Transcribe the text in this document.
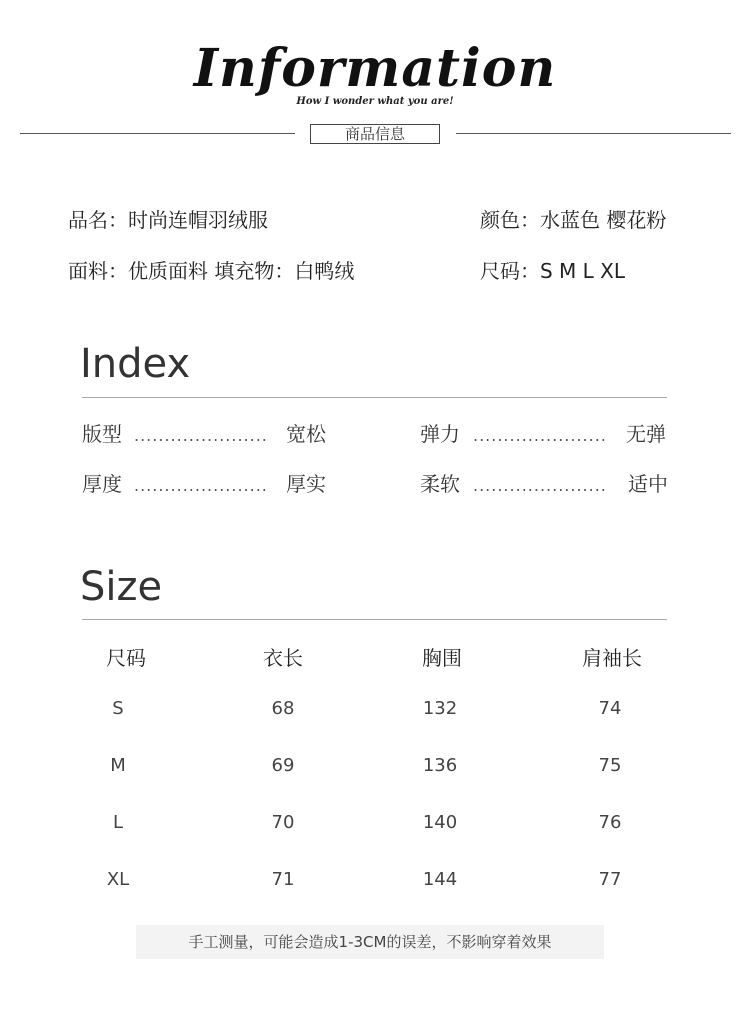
Information
How I wonder what you are!
商品信息
品名：时尚连帽羽绒服	颜色：水蓝色 樱花粉
面料：优质面料 填充物：白鸭绒	尺码：S M L XL
Index
版型 ...................... 宽松	弹力 ...................... 无弹
厚度 ...................... 厚实	柔软 ...................... 适中
Size
尺码	衣长	胸围	肩袖长
S	68	132	74
M	69	136	75
L	70	140	76
XL	71	144	77
手工测量，可能会造成1-3CM的误差，不影响穿着效果
